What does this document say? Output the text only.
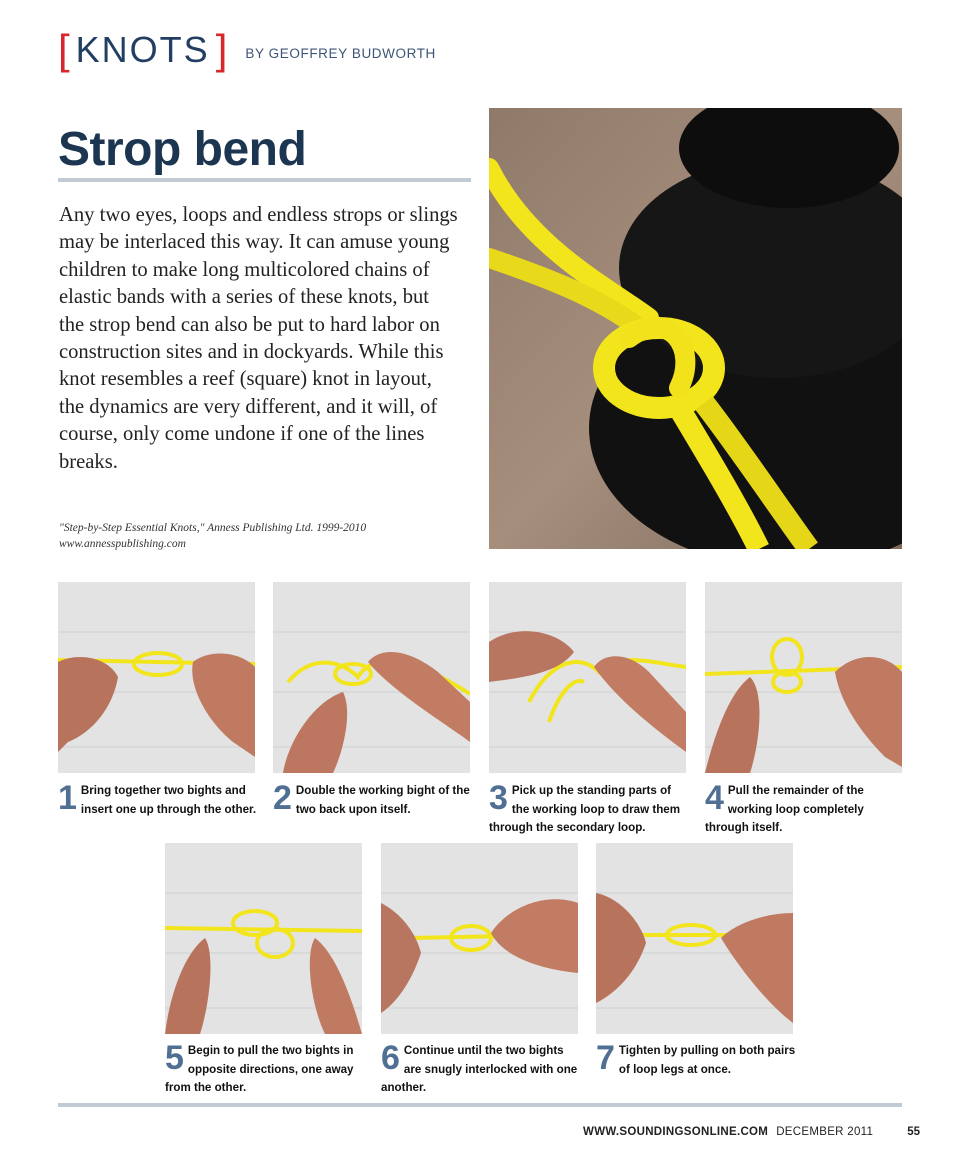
[ KNOTS ] BY GEOFFREY BUDWORTH
Strop bend

Any two eyes, loops and endless strops or slings may be interlaced this way. It can amuse young children to make long multicolored chains of elastic bands with a series of these knots, but the strop bend can also be put to hard labor on construction sites and in dockyards. While this knot resembles a reef (square) knot in layout, the dynamics are very different, and it will, of course, only come undone if one of the lines breaks.

"Step-by-Step Essential Knots," Anness Publishing Ltd. 1999-2010
www.annesspublishing.com
1 Bring together two bights and insert one up through the other. 2 Double the working bight of the two back upon itself.	3 Pick up the standing parts of the working loop to draw them through the secondary loop.
4 Pull the remainder of the working loop completely through itself.
5 Begin to pull the two bights in opposite directions, one away from the other.
6 Continue until the two bights are snugly interlocked with one another.
7 Tighten by pulling on both pairs of loop legs at once.
WWW.SOUNDINGSONLINE.COM DECEMBER 2011	55
